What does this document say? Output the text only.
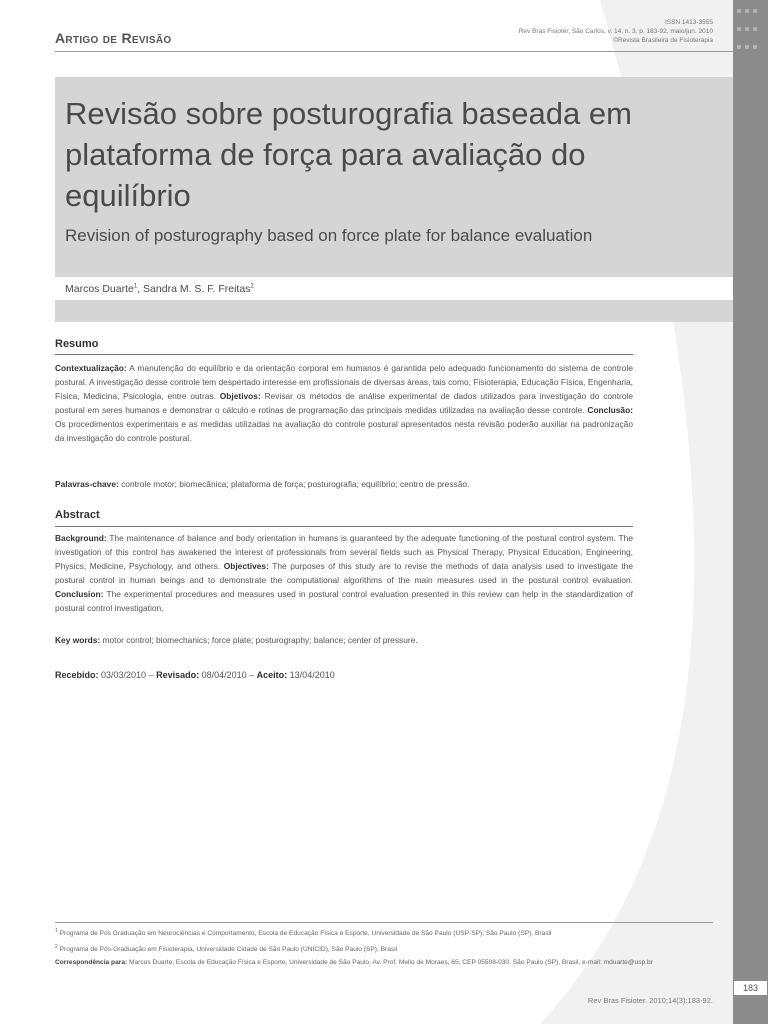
ISSN 1413-3555
Rev Bras Fisioter, São Carlos, v. 14, n. 3, p. 183-92, maio/jun. 2010
©Revista Brasileira de Fisioterapia
Artigo de Revisão
Revisão sobre posturografia baseada em plataforma de força para avaliação do equilíbrio
Revision of posturography based on force plate for balance evaluation
Marcos Duarte$^1$, Sandra M. S. F. Freitas$^2$
Resumo

Contextualização: A manutenção do equilíbrio e da orientação corporal em humanos é garantida pelo adequado funcionamento do sistema de controle postural. A investigação desse controle tem despertado interesse em profissionais de diversas áreas, tais como, Fisioterapia, Educação Física, Engenharia, Física, Medicina, Psicologia, entre outras. Objetivos: Revisar os métodos de análise experimental de dados utilizados para investigação do controle postural em seres humanos e demonstrar o cálculo e rotinas de programação das principais medidas utilizadas na avaliação desse controle. Conclusão: Os procedimentos experimentais e as medidas utilizadas na avaliação do controle postural apresentados nesta revisão poderão auxiliar na padronização da investigação do controle postural.

Palavras-chave: controle motor; biomecânica; plataforma de força; posturografia; equilíbrio; centro de pressão.

Abstract

Background: The maintenance of balance and body orientation in humans is guaranteed by the adequate functioning of the postural control system. The investigation of this control has awakened the interest of professionals from several fields such as Physical Therapy, Physical Education, Engineering, Physics, Medicine, Psychology, and others. Objectives: The purposes of this study are to revise the methods of data analysis used to investigate the postural control in human beings and to demonstrate the computational algorithms of the main measures used in the postural control evaluation. Conclusion: The experimental procedures and measures used in postural control evaluation presented in this review can help in the standardization of postural control investigation.

Key words: motor control; biomechanics; force plate; posturography; balance; center of pressure.

Recebido: 03/03/2010 – Revisado: 08/04/2010 – Aceito: 13/04/2010
$^1$ Programa de Pós Graduação em Neurociências e Comportamento, Escola de Educação Física e Esporte, Universidade de São Paulo (USP-SP), São Paulo (SP), Brasil
$^2$ Programa de Pós-Graduação em Fisioterapia, Universidade Cidade de São Paulo (UNICID), São Paulo (SP), Brasil
Correspondência para: Marcos Duarte, Escola de Educação Física e Esporte, Universidade de São Paulo, Av. Prof. Mello de Moraes, 65, CEP 05508-030, São Paulo (SP), Brasil, e-mail: mduarte@usp.br
183
Rev Bras Fisioter. 2010;14(3):183-92.
